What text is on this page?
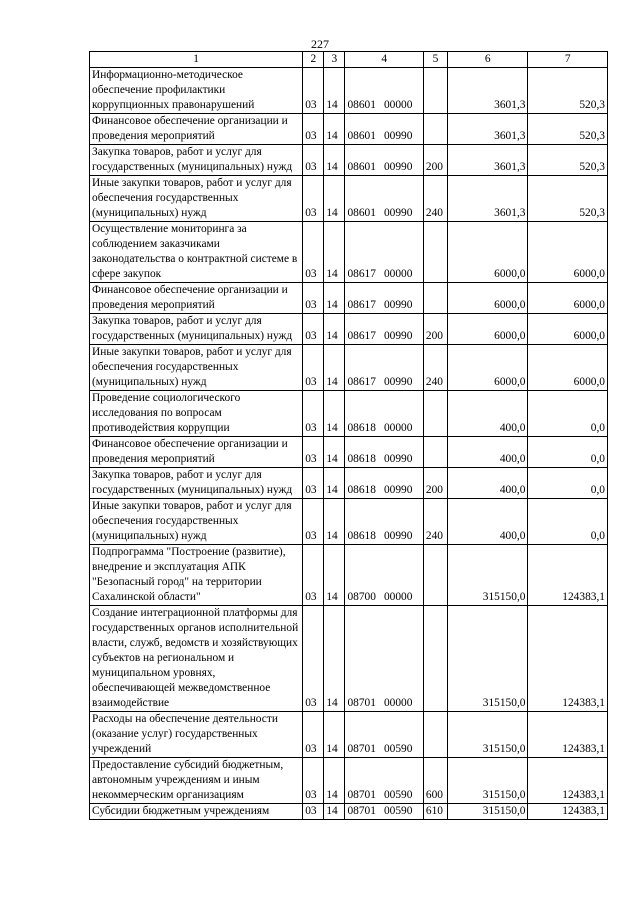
227
1	2	3	4	5	6	7
Информационно-методическое обеспечение профилактики коррупционных правонарушений	03	14	08601 00000		3601,3	520,3
Финансовое обеспечение организации и проведения мероприятий	03	14	08601 00990		3601,3	520,3
Закупка товаров, работ и услуг для государственных (муниципальных) нужд	03	14	08601 00990	200	3601,3	520,3
Иные закупки товаров, работ и услуг для обеспечения государственных (муниципальных) нужд	03	14	08601 00990	240	3601,3	520,3
Осуществление мониторинга за соблюдением заказчиками законодательства о контрактной системе в сфере закупок	03	14	08617 00000		6000,0	6000,0
Финансовое обеспечение организации и проведения мероприятий	03	14	08617 00990		6000,0	6000,0
Закупка товаров, работ и услуг для государственных (муниципальных) нужд	03	14	08617 00990	200	6000,0	6000,0
Иные закупки товаров, работ и услуг для обеспечения государственных (муниципальных) нужд	03	14	08617 00990	240	6000,0	6000,0
Проведение социологического исследования по вопросам противодействия коррупции	03	14	08618 00000		400,0	0,0
Финансовое обеспечение организации и проведения мероприятий	03	14	08618 00990		400,0	0,0
Закупка товаров, работ и услуг для государственных (муниципальных) нужд	03	14	08618 00990	200	400,0	0,0
Иные закупки товаров, работ и услуг для обеспечения государственных (муниципальных) нужд	03	14	08618 00990	240	400,0	0,0
Подпрограмма "Построение (развитие), внедрение и эксплуатация АПК "Безопасный город" на территории Сахалинской области"	03	14	08700 00000		315150,0	124383,1
Создание интеграционной платформы для государственных органов исполнительной власти, служб, ведомств и хозяйствующих субъектов на региональном и муниципальном уровнях, обеспечивающей межведомственное взаимодействие	03	14	08701 00000		315150,0	124383,1
Расходы на обеспечение деятельности (оказание услуг) государственных учреждений	03	14	08701 00590		315150,0	124383,1
Предоставление субсидий бюджетным, автономным учреждениям и иным некоммерческим организациям	03	14	08701 00590	600	315150,0	124383,1
Субсидии бюджетным учреждениям	03	14	08701 00590	610	315150,0	124383,1
